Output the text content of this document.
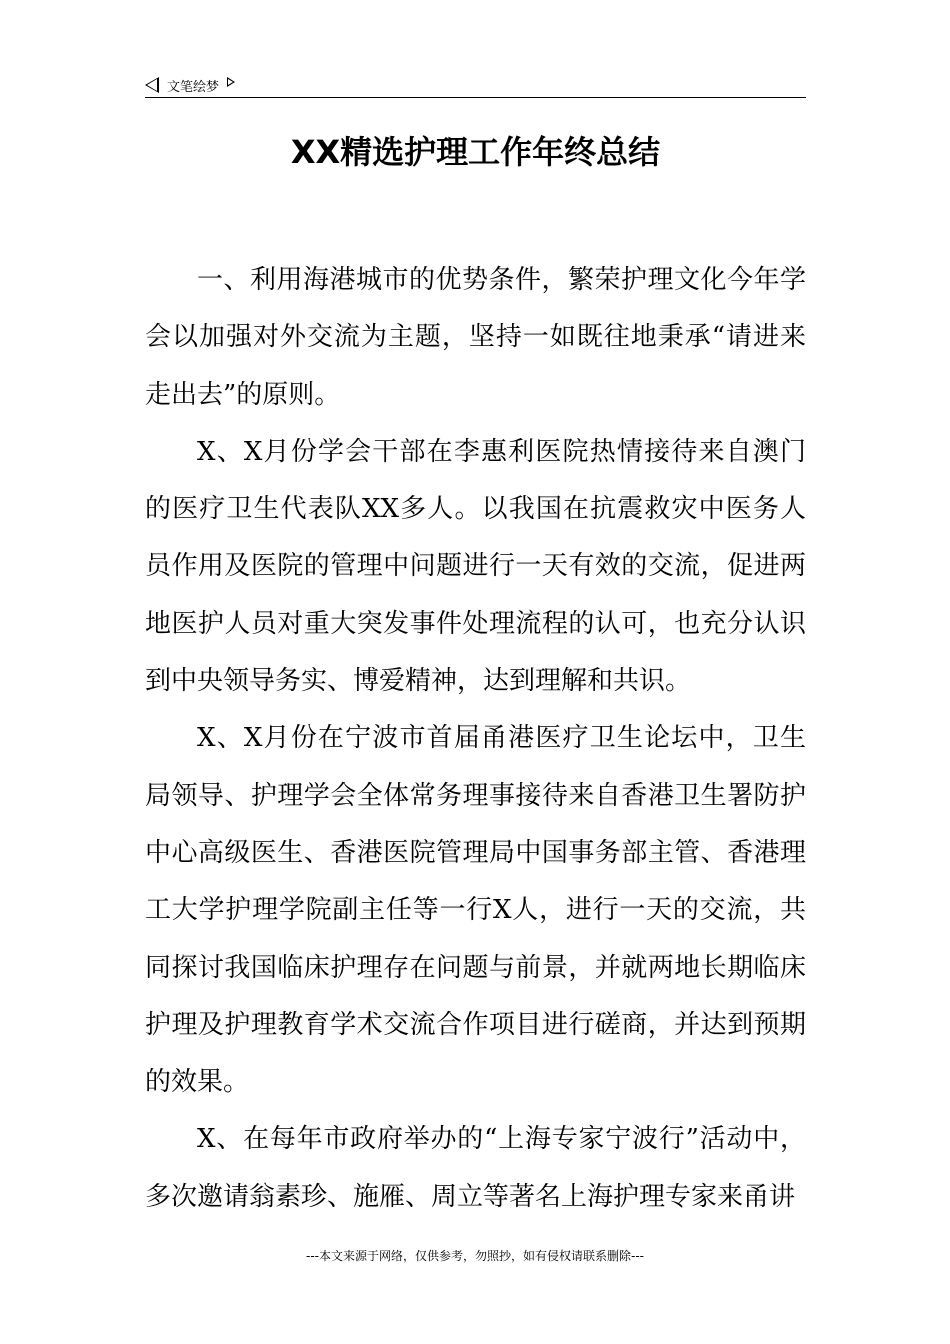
文笔绘梦
XX精选护理工作年终总结

一、利用海港城市的优势条件，繁荣护理文化今年学会以加强对外交流为主题，坚持一如既往地秉承“请进来走出去”的原则。

X、X月份学会干部在李惠利医院热情接待来自澳门的医疗卫生代表队XX多人。以我国在抗震救灾中医务人员作用及医院的管理中问题进行一天有效的交流，促进两地医护人员对重大突发事件处理流程的认可，也充分认识到中央领导务实、博爱精神，达到理解和共识。

X、X月份在宁波市首届甬港医疗卫生论坛中，卫生局领导、护理学会全体常务理事接待来自香港卫生署防护中心高级医生、香港医院管理局中国事务部主管、香港理工大学护理学院副主任等一行X人，进行一天的交流，共同探讨我国临床护理存在问题与前景，并就两地长期临床护理及护理教育学术交流合作项目进行磋商，并达到预期的效果。

X、在每年市政府举办的“上海专家宁波行”活动中，多次邀请翁素珍、施雁、周立等著名上海护理专家来甬讲

---本文来源于网络，仅供参考，勿照抄，如有侵权请联系删除---
